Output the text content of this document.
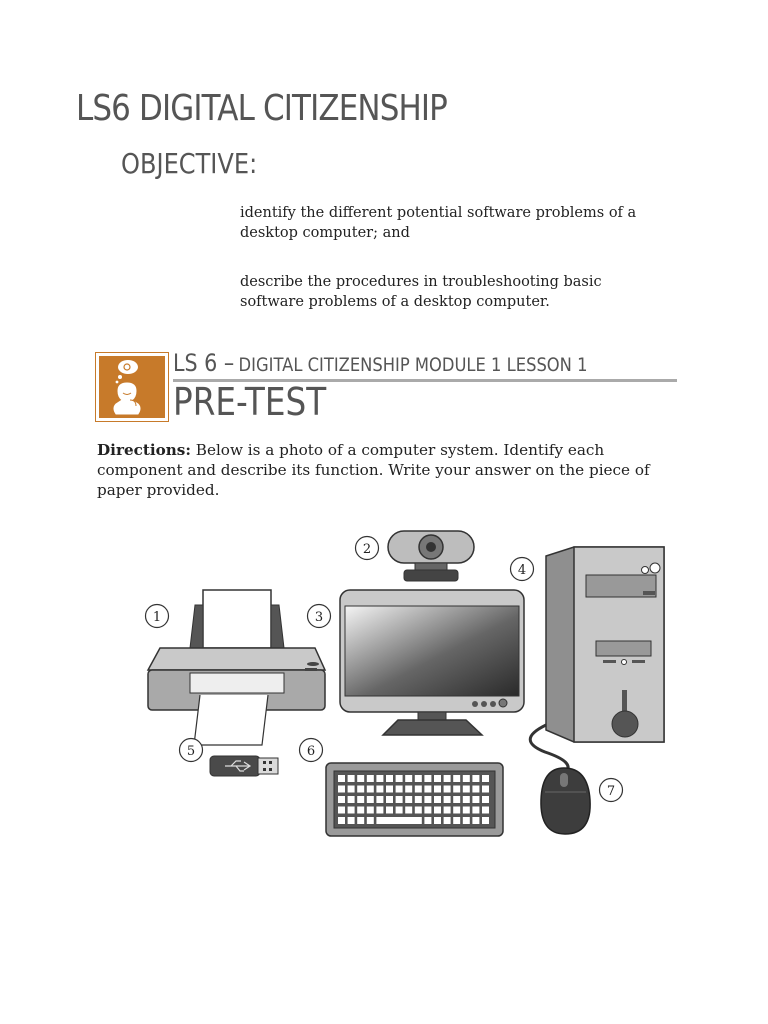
LS6 DIGITAL CITIZENSHIP
OBJECTIVE:
identify the different potential software problems of a desktop computer; and
describe the procedures in troubleshooting basic software problems of a desktop computer.
LS 6 – DIGITAL CITIZENSHIP MODULE 1 LESSON 1
PRE-TEST
Directions: Below is a photo of a computer system. Identify each component and describe its function. Write your answer on the piece of paper provided.
1
2
3
4
5	6
7
